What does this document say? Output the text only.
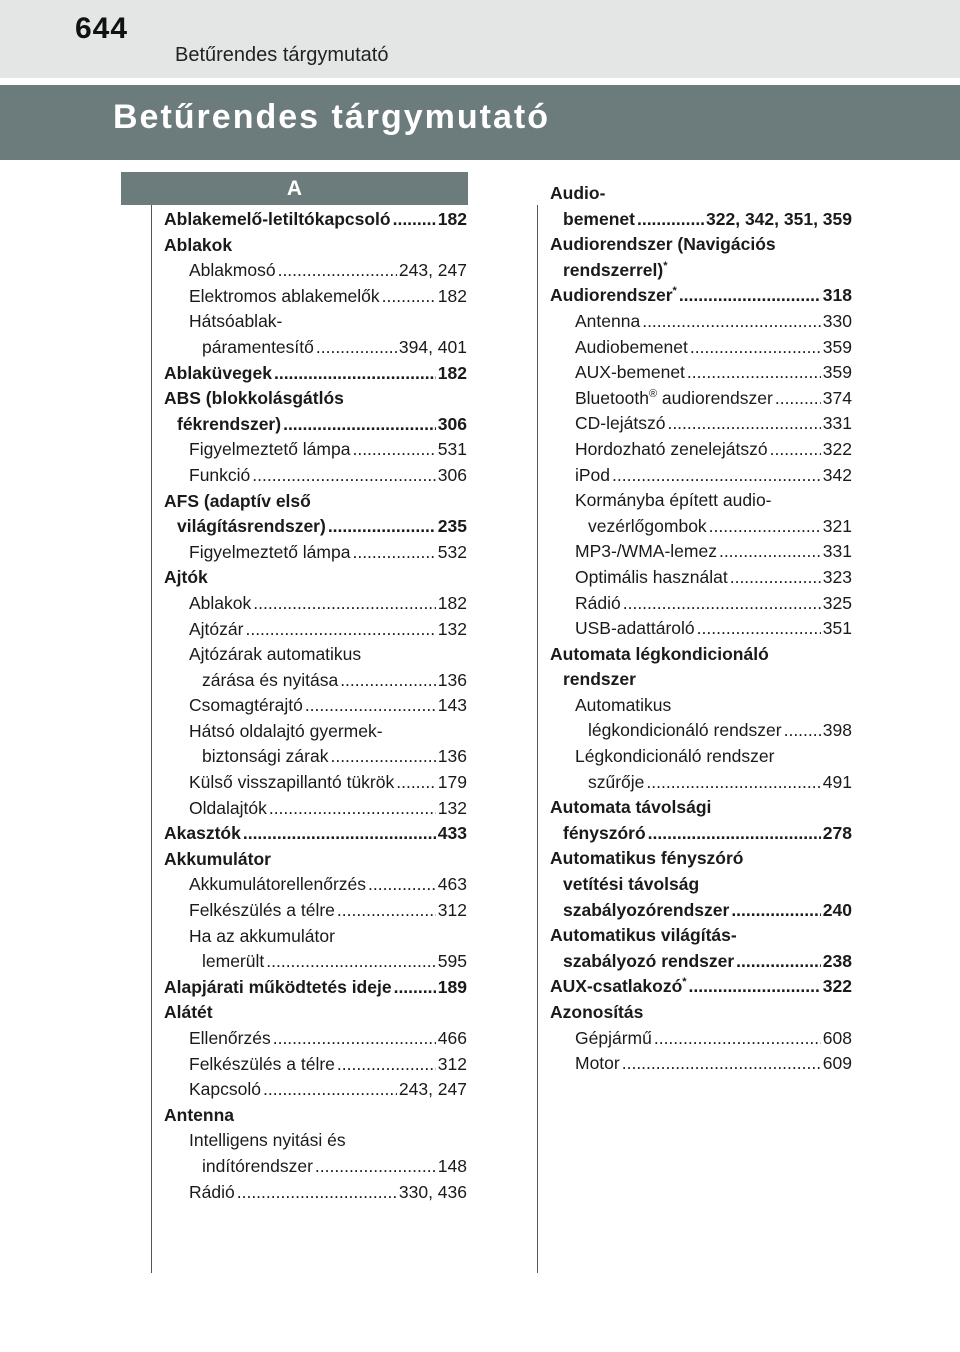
644
Betűrendes tárgymutató
Betűrendes tárgymutató
A
Ablakemelő-letiltókapcsoló .....	182
Ablakok
Ablakmosó .....	243, 247
Elektromos ablakemelők .....	182
Hátsóablak-
páramentesítő .....	394, 401
Ablaküvegek .....	182
ABS (blokkolásgátlós
fékrendszer) .....	306
Figyelmeztető lámpa .....	531
Funkció .....	306
AFS (adaptív első
világításrendszer) .....	235
Figyelmeztető lámpa .....	532
Ajtók
Ablakok .....	182
Ajtózár .....	132
Ajtózárak automatikus
zárása és nyitása .....	136
Csomagtérajtó .....	143
Hátsó oldalajtó gyermek-
biztonsági zárak .....	136
Külső visszapillantó tükrök ..... 179
Oldalajtók .....	132
Akasztók .....	433
Akkumulátor
Akkumulátorellenőrzés .....	463
Felkészülés a télre .....	312
Ha az akkumulátor
lemerült .....	595
Alapjárati működtetés ideje .....	189
Alátét
Ellenőrzés .....	466
Felkészülés a télre .....	312
Kapcsoló .....	243, 247
Antenna
Intelligens nyitási és
indítórendszer .....	148
Rádió .....	330, 436
Audio-
bemenet .....	322, 342, 351, 359
Audiorendszer (Navigációs
rendszerrel)*
Audiorendszer* .....	318
Antenna .....	330
Audiobemenet .....	359
AUX-bemenet .....	359
Bluetooth® audiorendszer .....	374
CD-lejátszó .....	331
Hordozható zenelejátszó .....	322
iPod .....	342
Kormányba épített audio-
vezérlőgombok .....	321
MP3-/WMA-lemez .....	331
Optimális használat .....	323
Rádió .....	325
USB-adattároló .....	351
Automata légkondicionáló
rendszer
Automatikus
légkondicionáló rendszer ..... 398
Légkondicionáló rendszer
szűrője .....	491
Automata távolsági
fényszóró .....	278
Automatikus fényszóró
vetítési távolság
szabályozórendszer .....	240
Automatikus világítás-
szabályozó rendszer .....	238
AUX-csatlakozó* .....	322
Azonosítás
Gépjármű .....	608
Motor .....	609
